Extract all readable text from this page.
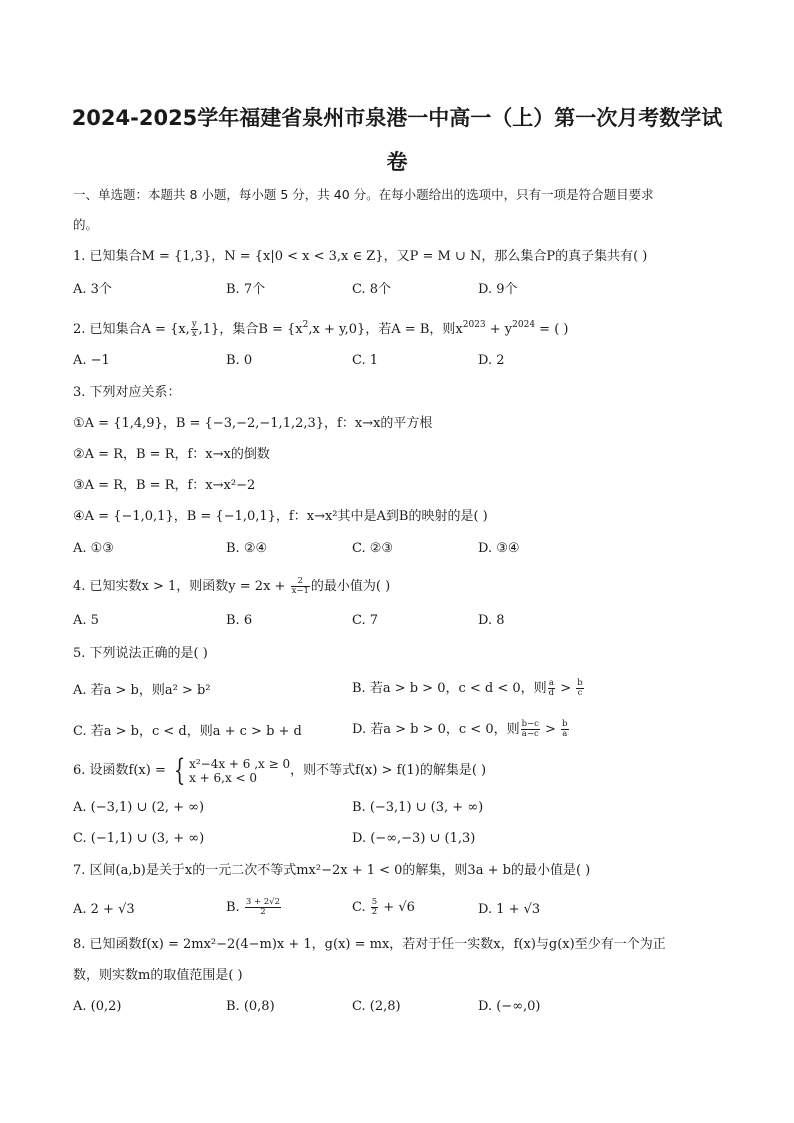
2024-2025学年福建省泉州市泉港一中高一（上）第一次月考数学试
卷
一、单选题：本题共 8 小题，每小题 5 分，共 40 分。在每小题给出的选项中，只有一项是符合题目要求
的。
1. 已知集合M = {1,3}，N = {x|0 < x < 3,x ∈ Z}，又P = M ∪ N，那么集合P的真子集共有( )
A. 3个	B. 7个	C. 8个	D. 9个
2. 已知集合A = {x, $\frac{y}{x} ,1$}，集合$B = \{x^2,x + y,0\}$，若A = B，则$x^{2023} + y^{2024}$ = ( )
A. −1	B. 0	C. 1	D. 2
3. 下列对应关系：
①A = {1,4,9}，B = {−3,−2,−1,1,2,3}，f：x→x的平方根
②A = R，B = R，f：x→x的倒数
③A = R，B = R，f：x→x²−2
④A = {−1,0,1}，B = {−1,0,1}，f：x→x²其中是A到B的映射的是( )
A. ①③	B. ②④	C. ②③	D. ③④
4. 已知实数x > 1，则函数$y = 2x + \frac{2}{x-1}$ 的最小值为( )
A. 5	B. 6	C. 7	D. 8
5. 下列说法正确的是( )
A. 若a > b，则a² > b²	B. 若a > b > 0，c < d < 0，则 $\frac{a}{d} > \frac{b}{c}$
C. 若a > b，c < d，则a + c > b + d	D. 若a > b > 0，c < 0，则 $\frac{b-c}{a-c} > \frac{b}{a}$
6. 设函数f(x) = { x²−4x + 6 ,x ≥ 0
x + 6,x < 0	，则不等式f(x) > f(1)的解集是( )
A. (−3,1) ∪ (2, + ∞)	B. (−3,1) ∪ (3, + ∞)
C. (−1,1) ∪ (3, + ∞)	D. (−∞,−3) ∪ (1,3)
7. 区间(a,b)是关于x的一元二次不等式mx²−2x + 1 < 0的解集，则3a + b的最小值是( )
A. 2 + √3	B. $\frac{3 + 2√2}{2}$	C. $\frac{5}{2} + √6$	D. 1 + √3
8. 已知函数f(x) = 2mx²−2(4−m)x + 1，g(x) = mx，若对于任一实数x，f(x)与g(x)至少有一个为正
数，则实数m的取值范围是( )
A. (0,2)	B. (0,8)	C. (2,8)	D. (−∞,0)
